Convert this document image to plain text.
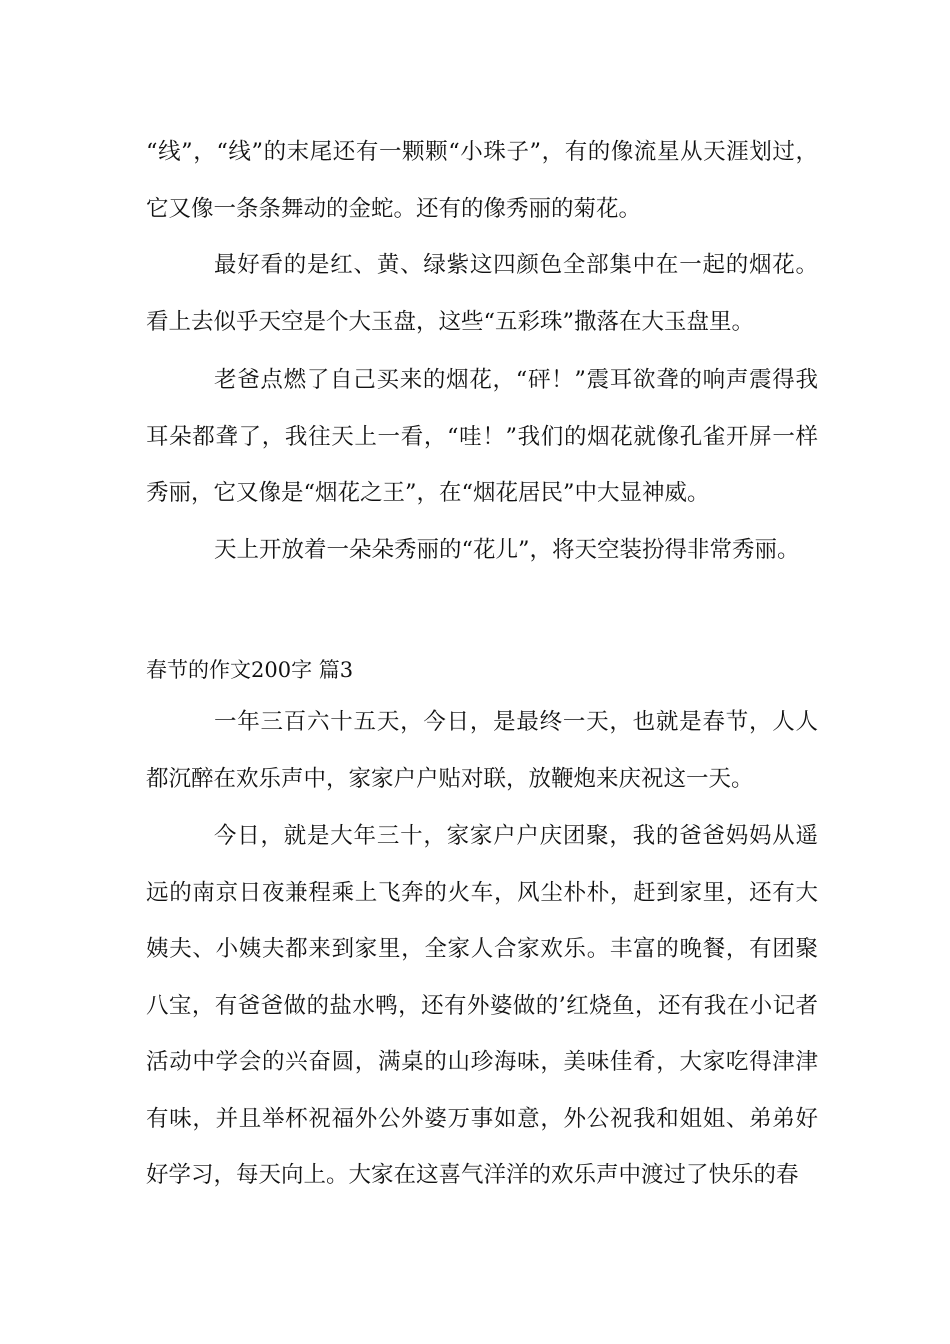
“线”，“线”的末尾还有一颗颗“小珠子”，有的像流星从天涯划过，它又像一条条舞动的金蛇。还有的像秀丽的菊花。

最好看的是红、黄、绿紫这四颜色全部集中在一起的烟花。看上去似乎天空是个大玉盘，这些“五彩珠”撒落在大玉盘里。

老爸点燃了自己买来的烟花，“砰！”震耳欲聋的响声震得我耳朵都聋了，我往天上一看，“哇！”我们的烟花就像孔雀开屏一样秀丽，它又像是“烟花之王”，在“烟花居民”中大显神威。

天上开放着一朵朵秀丽的“花儿”，将天空装扮得非常秀丽。

春节的作文200字 篇3

一年三百六十五天，今日，是最终一天，也就是春节，人人都沉醉在欢乐声中，家家户户贴对联，放鞭炮来庆祝这一天。

今日，就是大年三十，家家户户庆团聚，我的爸爸妈妈从遥远的南京日夜兼程乘上飞奔的火车，风尘朴朴，赶到家里，还有大姨夫、小姨夫都来到家里，全家人合家欢乐。丰富的晚餐，有团聚八宝，有爸爸做的盐水鸭，还有外婆做的’红烧鱼，还有我在小记者活动中学会的兴奋圆，满桌的山珍海味，美味佳肴，大家吃得津津有味，并且举杯祝福外公外婆万事如意，外公祝我和姐姐、弟弟好好学习，每天向上。大家在这喜气洋洋的欢乐声中渡过了快乐的春
